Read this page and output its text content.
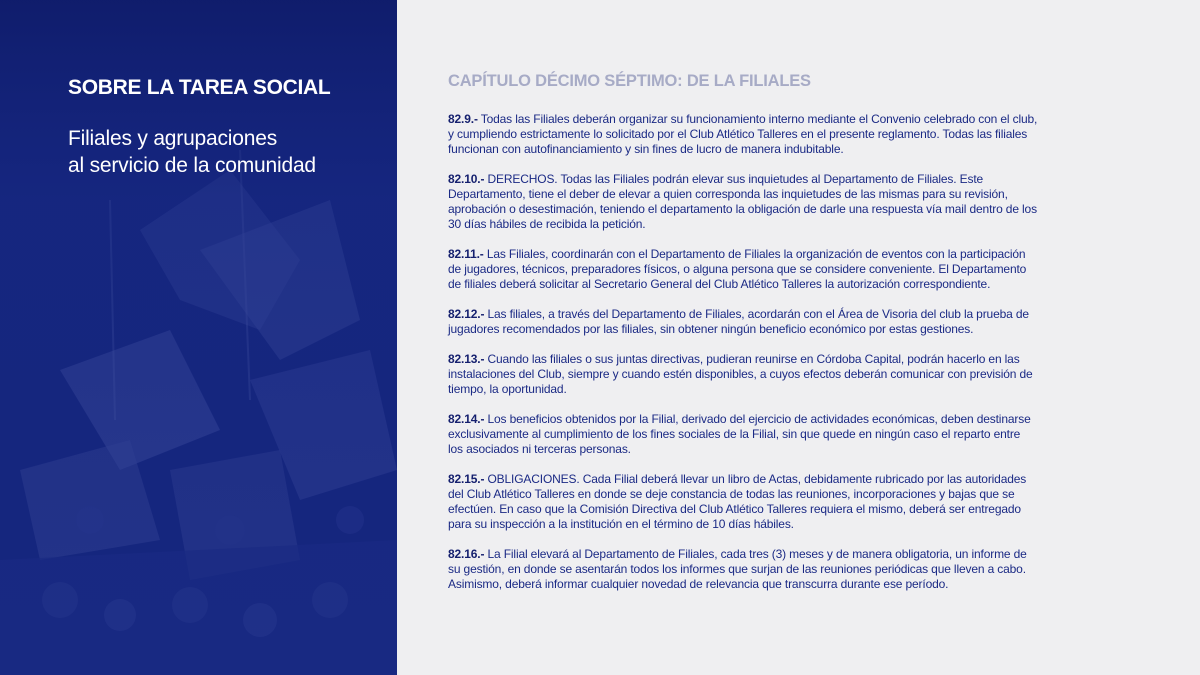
SOBRE LA TAREA SOCIAL
Filiales y agrupaciones
al servicio de la comunidad
CAPÍTULO DÉCIMO SÉPTIMO: DE LA FILIALES

82.9.- Todas las Filiales deberán organizar su funcionamiento interno mediante el Convenio celebrado con el club, y cumpliendo estrictamente lo solicitado por el Club Atlético Talleres en el presente reglamento. Todas las filiales funcionan con autofinanciamiento y sin fines de lucro de manera indubitable.

82.10.- DERECHOS. Todas las Filiales podrán elevar sus inquietudes al Departamento de Filiales. Este Departamento, tiene el deber de elevar a quien corresponda las inquietudes de las mismas para su revisión, aprobación o desestimación, teniendo el departamento la obligación de darle una respuesta vía mail dentro de los 30 días hábiles de recibida la petición.

82.11.- Las Filiales, coordinarán con el Departamento de Filiales la organización de eventos con la participación de jugadores, técnicos, preparadores físicos, o alguna persona que se considere conveniente. El Departamento de filiales deberá solicitar al Secretario General del Club Atlético Talleres la autorización correspondiente.

82.12.- Las filiales, a través del Departamento de Filiales, acordarán con el Área de Visoria del club la prueba de jugadores recomendados por las filiales, sin obtener ningún beneficio económico por estas gestiones.

82.13.- Cuando las filiales o sus juntas directivas, pudieran reunirse en Córdoba Capital, podrán hacerlo en las instalaciones del Club, siempre y cuando estén disponibles, a cuyos efectos deberán comunicar con previsión de tiempo, la oportunidad.

82.14.- Los beneficios obtenidos por la Filial, derivado del ejercicio de actividades económicas, deben destinarse exclusivamente al cumplimiento de los fines sociales de la Filial, sin que quede en ningún caso el reparto entre los asociados ni terceras personas.

82.15.- OBLIGACIONES. Cada Filial deberá llevar un libro de Actas, debidamente rubricado por las autoridades del Club Atlético Talleres en donde se deje constancia de todas las reuniones, incorporaciones y bajas que se efectúen. En caso que la Comisión Directiva del Club Atlético Talleres requiera el mismo, deberá ser entregado para su inspección a la institución en el término de 10 días hábiles.

82.16.- La Filial elevará al Departamento de Filiales, cada tres (3) meses y de manera obligatoria, un informe de su gestión, en donde se asentarán todos los informes que surjan de las reuniones periódicas que lleven a cabo. Asimismo, deberá informar cualquier novedad de relevancia que transcurra durante ese período.
